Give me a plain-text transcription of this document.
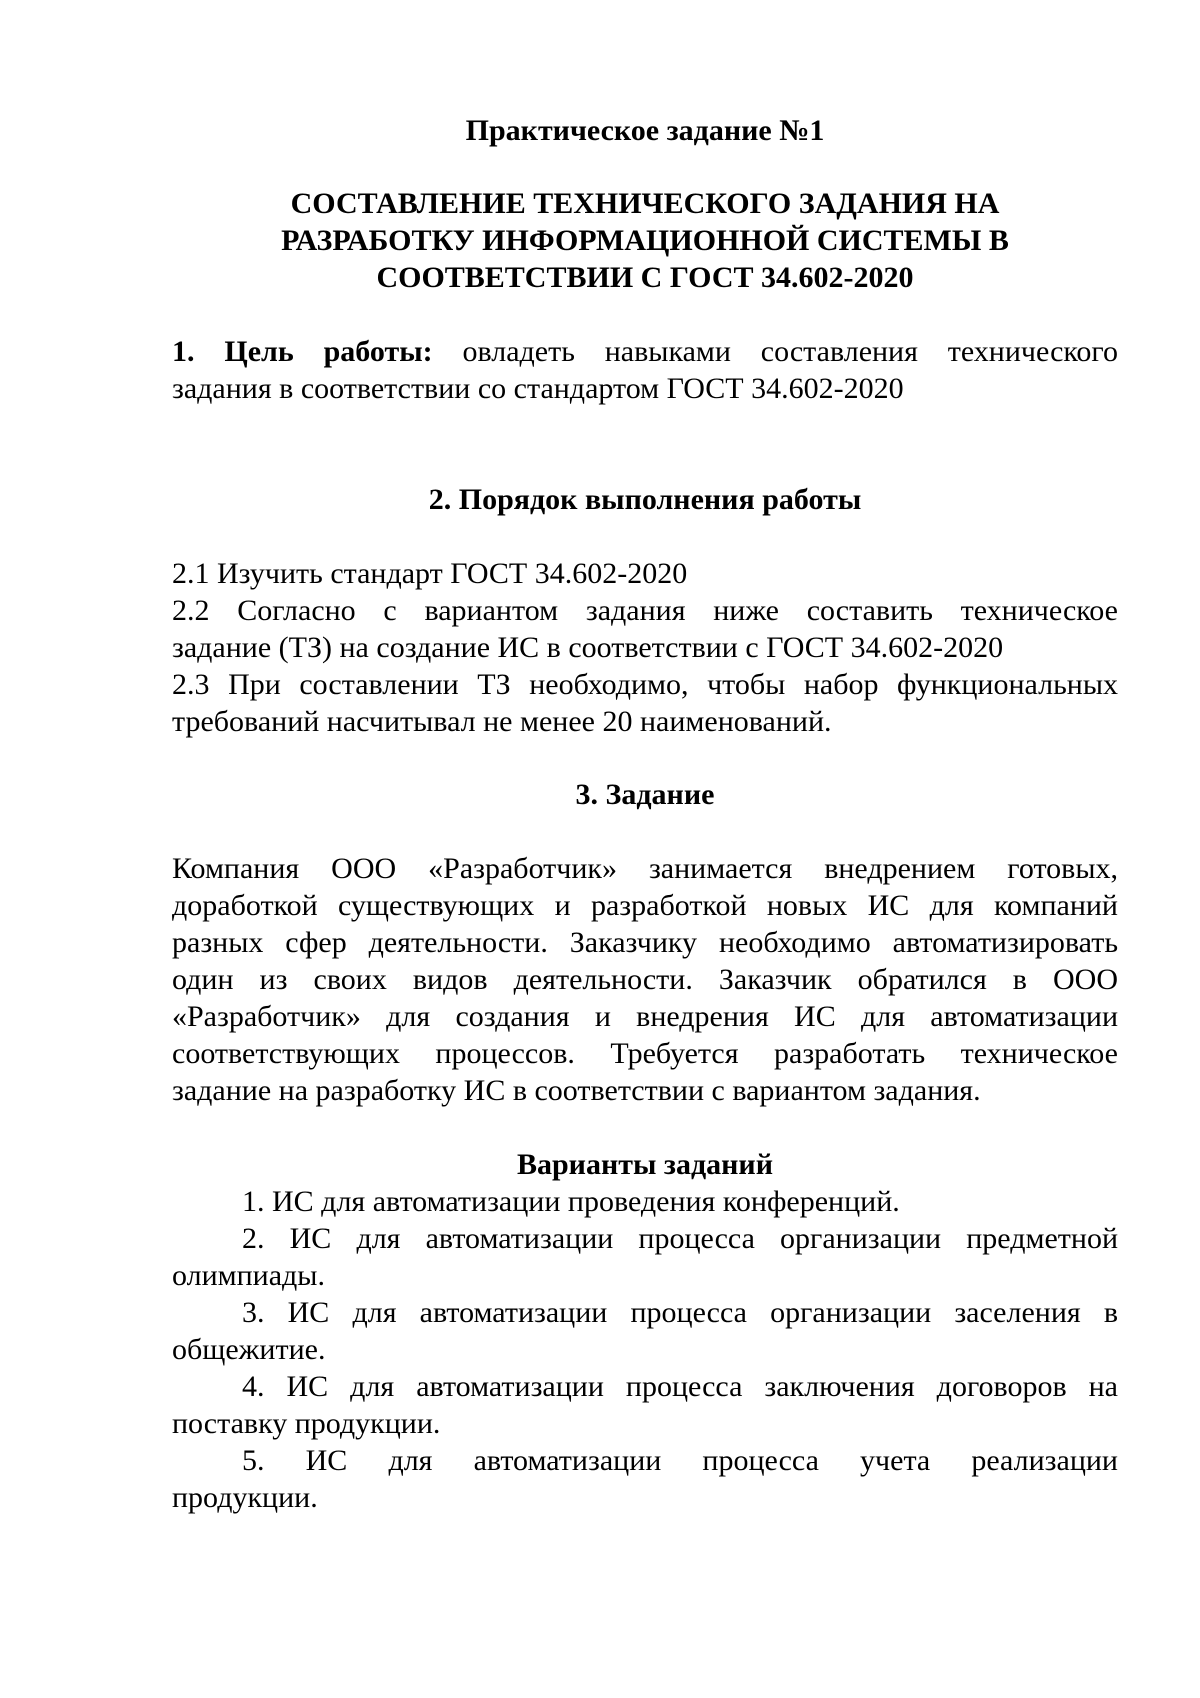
Практическое задание №1

СОСТАВЛЕНИЕ ТЕХНИЧЕСКОГО ЗАДАНИЯ НА
РАЗРАБОТКУ ИНФОРМАЦИОННОЙ СИСТЕМЫ В
СООТВЕТСТВИИ С ГОСТ 34.602-2020
1. Цель работы: овладеть навыками составления технического
задания в соответствии со стандартом ГОСТ 34.602-2020

2. Порядок выполнения работы

2.1 Изучить стандарт ГОСТ 34.602-2020
2.2 Согласно с вариантом задания ниже составить техническое
задание (ТЗ) на создание ИС в соответствии с ГОСТ 34.602-2020
2.3 При составлении ТЗ необходимо, чтобы набор функциональных
требований насчитывал не менее 20 наименований.

3. Задание

Компания ООО «Разработчик» занимается внедрением готовых,
доработкой существующих и разработкой новых ИС для компаний
разных сфер деятельности. Заказчику необходимо автоматизировать
один из своих видов деятельности. Заказчик обратился в ООО
«Разработчик» для создания и внедрения ИС для автоматизации
соответствующих процессов. Требуется разработать техническое
задание на разработку ИС в соответствии с вариантом задания.

Варианты заданий

1. ИС для автоматизации проведения конференций.
2. ИС для автоматизации процесса организации предметной
олимпиады.
3. ИС для автоматизации процесса организации заселения в
общежитие.
4. ИС для автоматизации процесса заключения договоров на
поставку продукции.
5. ИС для автоматизации процесса учета реализации
продукции.
